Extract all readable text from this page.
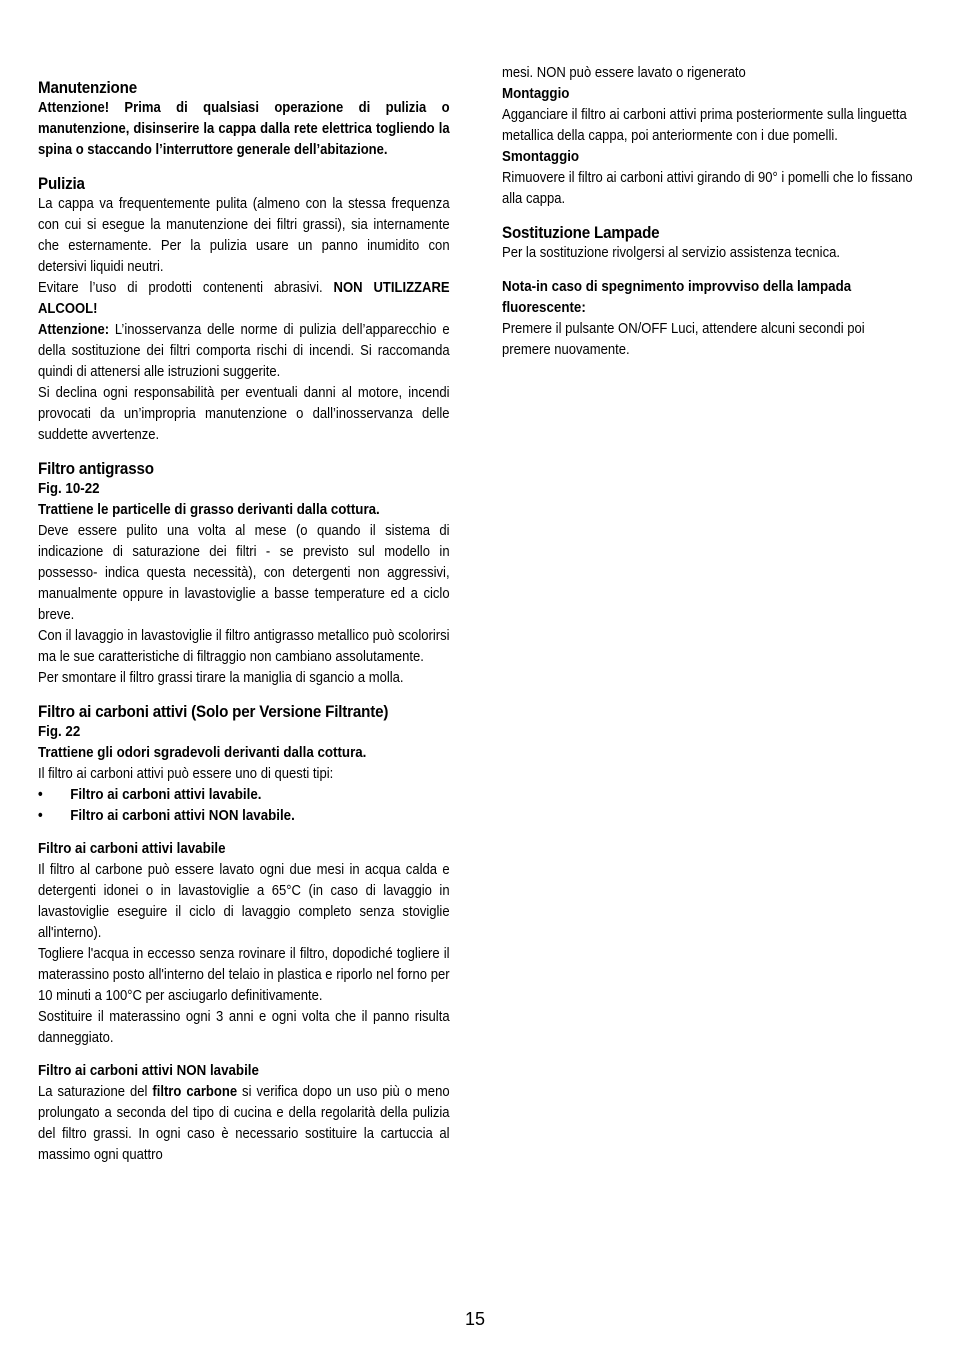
Manutenzione

Attenzione! Prima di qualsiasi operazione di pulizia o manutenzione, disinserire la cappa dalla rete elettrica togliendo la spina o staccando l’interruttore generale dell’abitazione.

Pulizia

La cappa va frequentemente pulita (almeno con la stessa frequenza con cui si esegue la manutenzione dei filtri grassi), sia internamente che esternamente. Per la pulizia usare un panno inumidito con detersivi liquidi neutri.

Evitare l’uso di prodotti contenenti abrasivi. NON UTILIZZARE ALCOOL!

Attenzione: L’inosservanza delle norme di pulizia dell’apparecchio e della sostituzione dei filtri comporta rischi di incendi. Si raccomanda quindi di attenersi alle istruzioni suggerite.

Si declina ogni responsabilità per eventuali danni al motore, incendi provocati da un’impropria manutenzione o dall’inosservanza delle suddette avvertenze.

Filtro antigrasso

Fig. 10-22

Trattiene le particelle di grasso derivanti dalla cottura.

Deve essere pulito una volta al mese (o quando il sistema di indicazione di saturazione dei filtri - se previsto sul modello in possesso- indica questa necessità), con detergenti non aggressivi, manualmente oppure in lavastoviglie a basse temperature ed a ciclo breve.

Con il lavaggio in lavastoviglie il filtro antigrasso metallico può scolorirsi ma le sue caratteristiche di filtraggio non cambiano assolutamente.

Per smontare il filtro grassi tirare la maniglia di sgancio a molla.

Filtro ai carboni attivi (Solo per Versione Filtrante)

Fig. 22

Trattiene gli odori sgradevoli derivanti dalla cottura.

Il filtro ai carboni attivi può essere uno di questi tipi:

•	Filtro ai carboni attivi lavabile.
•	Filtro ai carboni attivi NON lavabile.

Filtro ai carboni attivi lavabile

Il filtro al carbone può essere lavato ogni due mesi in acqua calda e detergenti idonei o in lavastoviglie a 65°C (in caso di lavaggio in lavastoviglie eseguire il ciclo di lavaggio completo senza stoviglie all'interno).

Togliere l'acqua in eccesso senza rovinare il filtro, dopodiché togliere il materassino posto all'interno del telaio in plastica e riporlo nel forno per 10 minuti a 100°C per asciugarlo definitivamente.

Sostituire il materassino ogni 3 anni e ogni volta che il panno risulta danneggiato.

Filtro ai carboni attivi NON lavabile

La saturazione del filtro carbone si verifica dopo un uso più o meno prolungato a seconda del tipo di cucina e della regolarità della pulizia del filtro grassi. In ogni caso è necessario sostituire la cartuccia al massimo ogni quattro

mesi. NON può essere lavato o rigenerato

Montaggio

Agganciare il filtro ai carboni attivi prima posteriormente sulla linguetta metallica della cappa, poi anteriormente con i due pomelli.

Smontaggio

Rimuovere il filtro ai carboni attivi girando di 90° i pomelli che lo fissano alla cappa.

Sostituzione Lampade

Per la sostituzione rivolgersi al servizio assistenza tecnica.

Nota-in caso di spegnimento improvviso della lampada fluorescente:

Premere il pulsante ON/OFF Luci, attendere alcuni secondi poi premere nuovamente.

15
